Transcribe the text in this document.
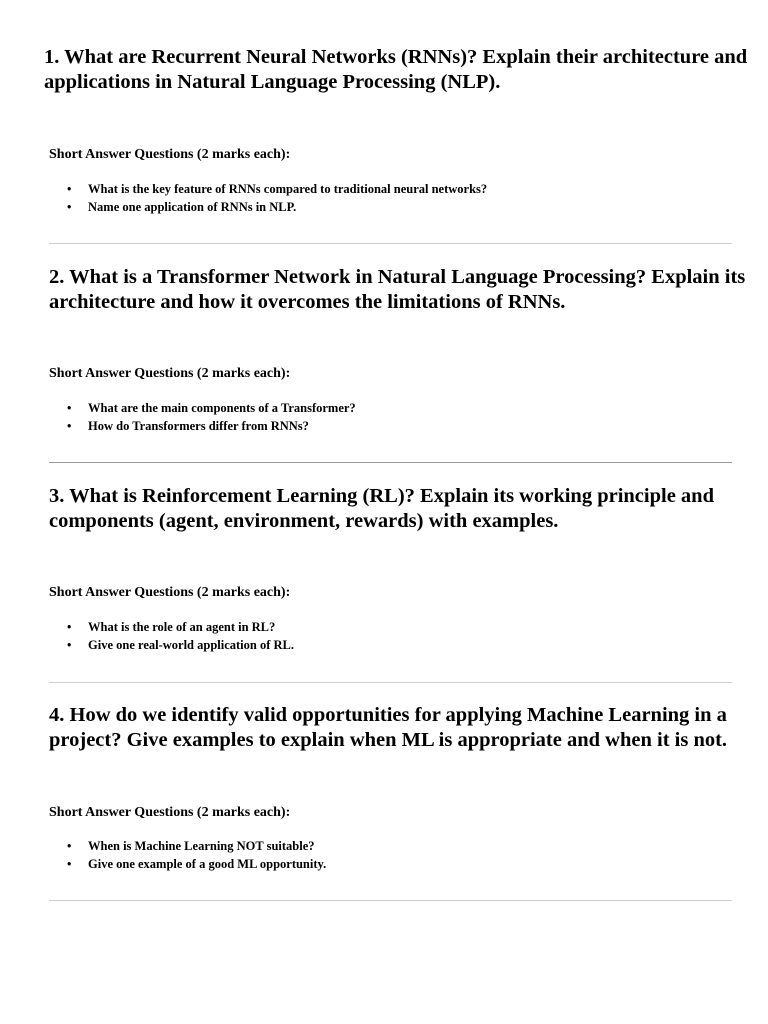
1. What are Recurrent Neural Networks (RNNs)? Explain their architecture and
applications in Natural Language Processing (NLP).
Short Answer Questions (2 marks each):
• What is the key feature of RNNs compared to traditional neural networks?
• Name one application of RNNs in NLP.
2. What is a Transformer Network in Natural Language Processing? Explain its
architecture and how it overcomes the limitations of RNNs.
Short Answer Questions (2 marks each):
• What are the main components of a Transformer?
• How do Transformers differ from RNNs?
3. What is Reinforcement Learning (RL)? Explain its working principle and
components (agent, environment, rewards) with examples.
Short Answer Questions (2 marks each):
• What is the role of an agent in RL?
• Give one real-world application of RL.
4. How do we identify valid opportunities for applying Machine Learning in a
project? Give examples to explain when ML is appropriate and when it is not.
Short Answer Questions (2 marks each):
• When is Machine Learning NOT suitable?
• Give one example of a good ML opportunity.
